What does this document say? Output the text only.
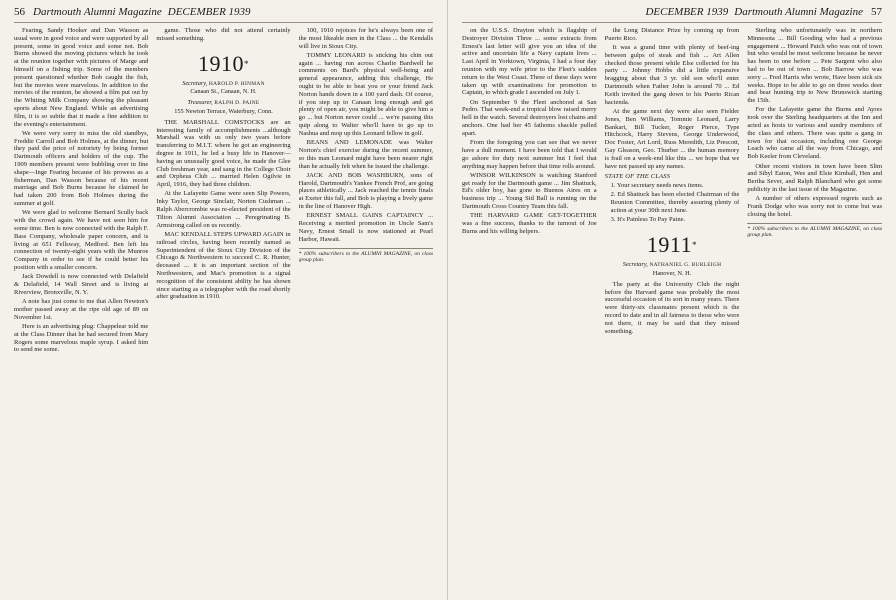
56 Dartmouth Alumni Magazine DECEMBER 1939

Fearing, Sandy Hooker and Dan Wasson as usual were in good voice and were supported by all present, some in good voice and some not. Bob Burns showed the moving pictures which he took at the reunion together with pictures of Marge and himself on a fishing trip. Some of the members present questioned whether Bob caught the fish, but the movies were marvelous. In addition to the movies of the reunion, he showed a film put out by the Whiting Milk Company showing the pleasant sports about New England. While an advertising film, it is so subtle that it made a fine addition to the evening's entertainment.

We were very sorry to miss the old standbys, Freddie Carroll and Bob Holmes, at the dinner, but they paid the price of notoriety by being former Dartmouth officers and holders of the cup. The 1909 members present were bubbling over in fine shape—Inge Fearing because of his prowess as a fisherman, Dan Wasson because of his recent marriage and Bob Burns because he claimed he had taken 200 from Bob Holmes during the summer at golf.

We were glad to welcome Bernard Scully back with the crowd again. We have not seen him for some time. Ben is now connected with the Ralph F. Bass Company, wholesale paper concern, and is living at 651 Fellsway, Medford. Ben left his connection of twenty-eight years with the Munroe Company in order to see if he could better his position with a smaller concern.

Jack Dowdell is now connected with Delafield & Delafield, 14 Wall Street and is living at Riverview, Bronxville, N. Y.

A note has just come to me that Allen Newton's mother passed away at the ripe old age of 89 on November 1st.

Here is an advertising plug: Chappelear told me at the Class Dinner that he had secured from Mary Rogers some marvelous maple syrup. I asked him to send me some.

game. Those who did not attend certainly missed something.

1910*

Secretary, HAROLD P. HINMAN

Canaan St., Canaan, N. H.

Treasurer, RALPH D. PAINE

155 Newton Terrace, Waterbury, Conn.

THE MARSHALL COMSTOCKS are an interesting family of accomplishments ...although Marshall was with us only two years before transferring to M.I.T. where he got an engineering degree in 1911, he led a busy life in Hanover—having an unusually good voice, he made the Glee Club freshman year, and sang in the College Choir and Orpheus Club ... married Helen Ogilvie in April, 1916, they had three children.

At the Lafayette Game were seen Slip Powers, Inky Taylor, George Sinclair, Norton Cushman ... Ralph Abercrombie was re-elected president of the Tilton Alumni Association ... Peregrinating B. Armstrong called on us recently.

MAC KENDALL STEPS UPWARD AGAIN in railroad circles, having been recently named as Superintendent of the Sioux City Division of the Chicago & Northwestern to succeed C. R. Hunter, deceased ... it is an important section of the Northwestern, and Mac's promotion is a signal recognition of the consistent ability he has shown since starting as a telegrapher with the road shortly after graduation in 1910.

100, 1910 rejoices for he's always been one of the most likeable men in the Class ... the Kendalls will live in Sioux City.

TOMMY LEONARD is sticking his chin out again ... having run across Charlie Bardwell he comments on Bard's physical well-being and general appearance, adding this challenge, He ought to be able to beat you or your friend Jack Norton hands down in a 100 yard dash. Of course, if you step up to Canaan long enough and get plenty of open air, you might be able to give him a go ... but Norton never could ... we're passing this quip along to Walter who'll have to go up to Nashua and mop up this Leonard fellow in golf.

BEANS AND LEMONADE was Walter Norton's chief exercise during the recent summer, so this man Leonard might have been nearer right than he actually felt when he issued the challenge.

JACK AND BOB WASHBURN, sons of Harold, Dartmouth's Yankee French Prof, are going places athletically ... Jack reached the tennis finals at Exeter this fall, and Bob is playing a lively game in the line of Hanover High.

ERNEST SMALL GAINS CAPTAINCY ... Receiving a merited promotion in Uncle Sam's Navy, Ernest Small is now stationed at Pearl Harbor, Hawaii.

* 100% subscribers to the ALUMNI MAGAZINE, on class group plan.
DECEMBER 1939 Dartmouth Alumni Magazine 57

on the U.S.S. Drayton which is flagship of Destroyer Division Three ... some extracts from Ernest's last letter will give you an idea of the active and uncertain life a Navy captain lives ... Last April in Yorktown, Virginia, I had a four day reunion with my wife prior to the Fleet's sudden return to the West Coast. Three of these days were taken up with examinations for promotion to Captain, to which grade I ascended on July 1.

On September 9 the Fleet anchored at San Pedro. That week-end a tropical blow raised merry hell in the watch. Several destroyers lost chains and anchors. One had her 45 fathoms shackle pulled apart.

From the foregoing you can see that we never have a dull moment. I have been told that I would go ashore for duty next summer but I feel that anything may happen before that time rolls around.

WINSOR WILKINSON is watching Stanford get ready for the Dartmouth game ... Jim Shattuck, Ed's older boy, has gone to Buenos Aires on a business trip ... Young Sid Ball is running on the Dartmouth Cross Country Team this fall.

THE HARVARD GAME GET-TOGETHER was a fine success, thanks to the turnout of Joe Burns and his willing helpers.

the Long Distance Prize by coming up from Puerto Rico.

It was a grand time with plenty of beef-ing between gulps of steak and fish ... Art Allen checked those present while Else collected for his party ... Johnny Hobbs did a little expansive bragging about that 3 yr. old son who'll enter Dartmouth when Father John is around 70 ... Ed Keith invited the gang down to his Puerto Rican hacienda.

At the game next day were also seen Fielder Jones, Ben Williams, Tommie Leonard, Larry Bankart, Bill Tucker, Roger Pierce, Type Hitchcock, Harry Stevens, George Underwood, Doc Foster, Art Lord, Russ Meredith, Liz Prescott, Gay Gleason, Geo. Thurber ... the human memory is frail on a week-end like this ... we hope that we have not passed up any names.

STATE OF THE CLASS

1. Your secretary needs news items.

2. Ed Shattuck has been elected Chairman of the Reunion Committee, thereby assuring plenty of action at your 30th next June.

3. It's Painless To Pay Paine.

1911*

Secretary, NATHANIEL G. BURLEIGH

Hanover, N. H.

The party at the University Club the night before the Harvard game was probably the most successful occasion of its sort in many years. There were thirty-six classmates present which is the record to date and in all fairness to those who were not there, it may be said that they missed something.

Sterling who unfortunately was in northern Minnesota ... Bill Gooding who had a previous engagement ... Howard Patch who was out of town but who would be most welcome because he never has been to one before ... Pete Sargent who also had to be out of town ... Bob Barrow who was sorry ... Fred Harris who wrote, Have been sick six weeks. Hope to be able to go on three weeks deer and bear hunting trip to New Brunswick starting the 15th.

For the Lafayette game the Burns and Ayres took over the Sterling headquarters at the Inn and acted as hosts to various and sundry members of the class and others. There was quite a gang in town for that occasion, including one George Leach who came all the way from Chicago, and Bob Keeler from Cleveland.

Other recent visitors in town have been Slim and Sibyl Eaton, Wee and Elsie Kimball, Hen and Bertha Sever, and Ralph Blanchard who got some publicity in the last issue of the Magazine.

A number of others expressed regrets such as Frank Dodge who was sorry not to come but was closing the hotel.

* 100% subscribers to the ALUMNI MAGAZINE, on class group plan.
